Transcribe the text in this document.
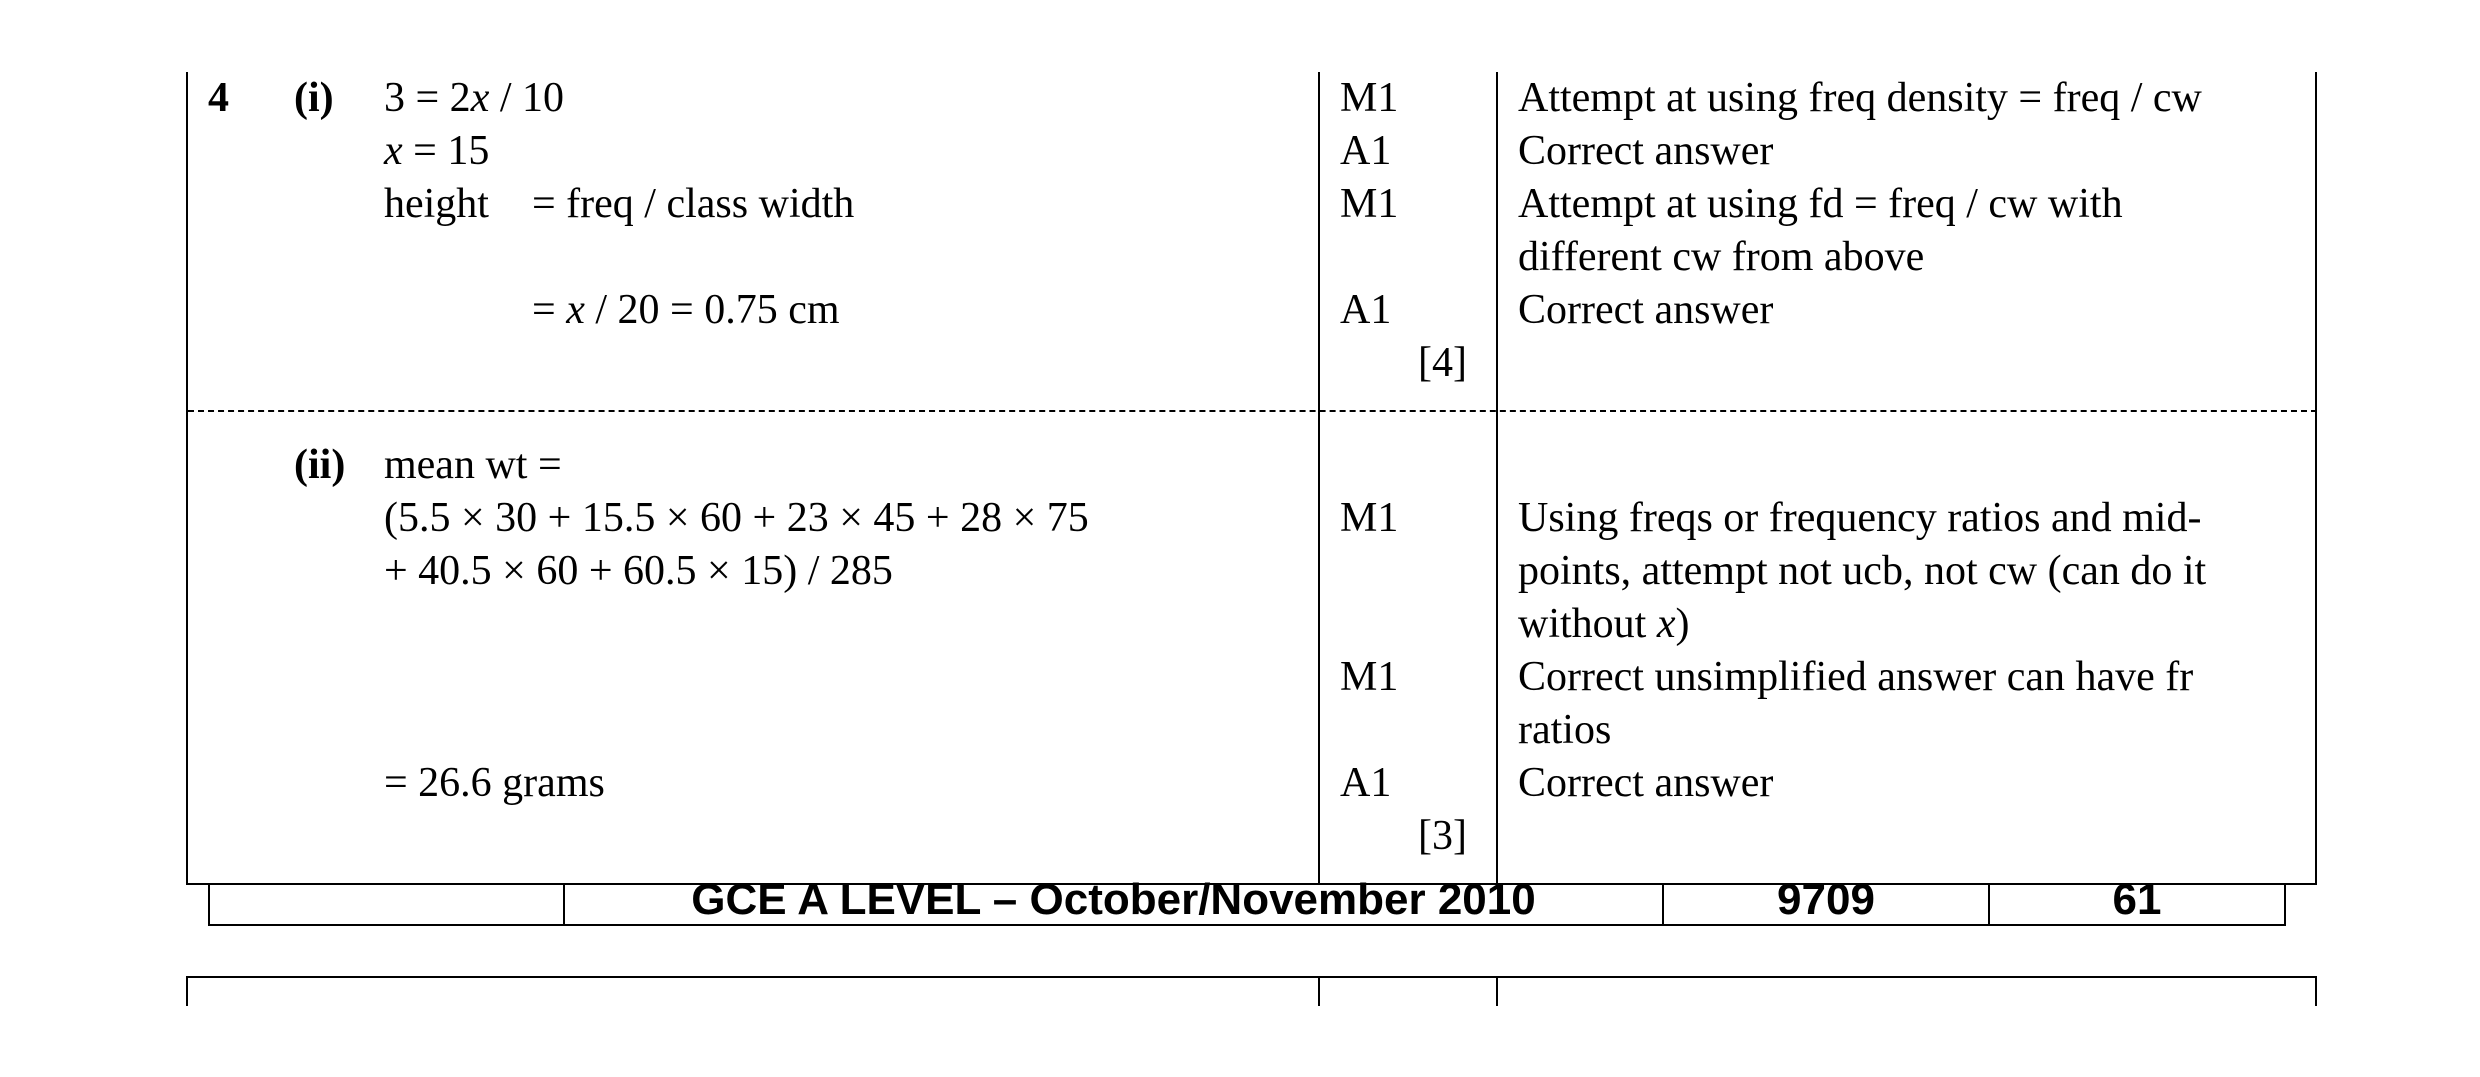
4 (i) 3 = 2x / 10
x = 15
height = freq / class width
= x / 20 = 0.75 cm
M1
A1
M1
A1
[4]
Attempt at using freq density = freq / cw
Correct answer
Attempt at using fd = freq / cw with
different cw from above
Correct answer
(ii) mean wt =
(5.5 × 30 + 15.5 × 60 + 23 × 45 + 28 × 75
+ 40.5 × 60 + 60.5 × 15) / 285
= 26.6 grams
M1
M1
A1
[3]
Using freqs or frequency ratios and mid-
points, attempt not ucb, not cw (can do it
without x)
Correct unsimplified answer can have fr
ratios
Correct answer
GCE A LEVEL – October/November 2010	9709	61
